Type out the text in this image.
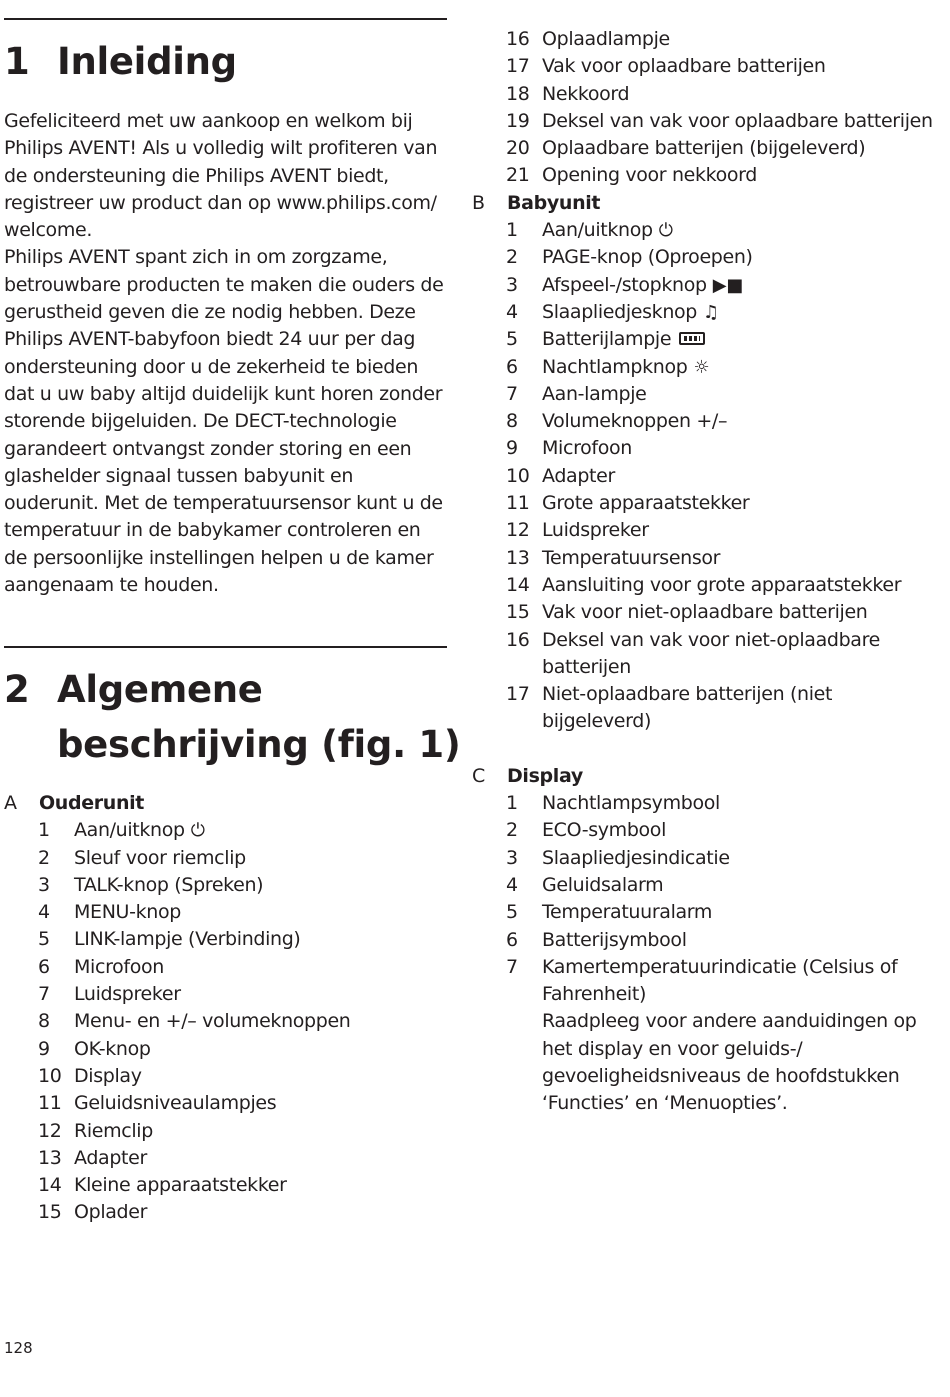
1 Inleiding

Gefeliciteerd met uw aankoop en welkom bij Philips AVENT! Als u volledig wilt profiteren van de ondersteuning die Philips AVENT biedt, registreer uw product dan op www.philips.com/ welcome.

Philips AVENT spant zich in om zorgzame, betrouwbare producten te maken die ouders de gerustheid geven die ze nodig hebben. Deze Philips AVENT-babyfoon biedt 24 uur per dag ondersteuning door u de zekerheid te bieden dat u uw baby altijd duidelijk kunt horen zonder storende bijgeluiden. De DECT-technologie garandeert ontvangst zonder storing en een glashelder signaal tussen babyunit en ouderunit. Met de temperatuursensor kunt u de temperatuur in de babykamer controleren en de persoonlijke instellingen helpen u de kamer aangenaam te houden.

2 Algemene
beschrijving (fig. 1)
A Ouderunit
1 Aan/uitknop ⏻
2 Sleuf voor riemclip
3 TALK-knop (Spreken)
4 MENU-knop
5 LINK-lampje (Verbinding)
6 Microfoon
7 Luidspreker
8 Menu- en +/– volumeknoppen
9 OK-knop
10 Display
11 Geluidsniveaulampjes
12 Riemclip
13 Adapter
14 Kleine apparaatstekker
15 Oplader
16 Oplaadlampje
17 Vak voor oplaadbare batterijen
18 Nekkoord
19 Deksel van vak voor oplaadbare batterijen
20 Oplaadbare batterijen (bijgeleverd)
21 Opening voor nekkoord
B Babyunit
1 Aan/uitknop ⏻
2 PAGE-knop (Oproepen)
3 Afspeel-/stopknop ▶■
4 Slaapliedjesknop ♫
5 Batterijlampje
6 Nachtlampknop ☼
7 Aan-lampje
8 Volumeknoppen +/–
9 Microfoon
10 Adapter
11 Grote apparaatstekker
12 Luidspreker
13 Temperatuursensor
14 Aansluiting voor grote apparaatstekker
15 Vak voor niet-oplaadbare batterijen
16 Deksel van vak voor niet-oplaadbare batterijen
17 Niet-oplaadbare batterijen (niet bijgeleverd)
C Display
1 Nachtlampsymbool
2 ECO-symbool
3 Slaapliedjesindicatie
4 Geluidsalarm
5 Temperatuuralarm
6 Batterijsymbool
7 Kamertemperatuurindicatie (Celsius of Fahrenheit)
Raadpleeg voor andere aanduidingen op het display en voor geluids-/ gevoeligheidsniveaus de hoofdstukken ‘Functies’ en ‘Menuopties’.
128
